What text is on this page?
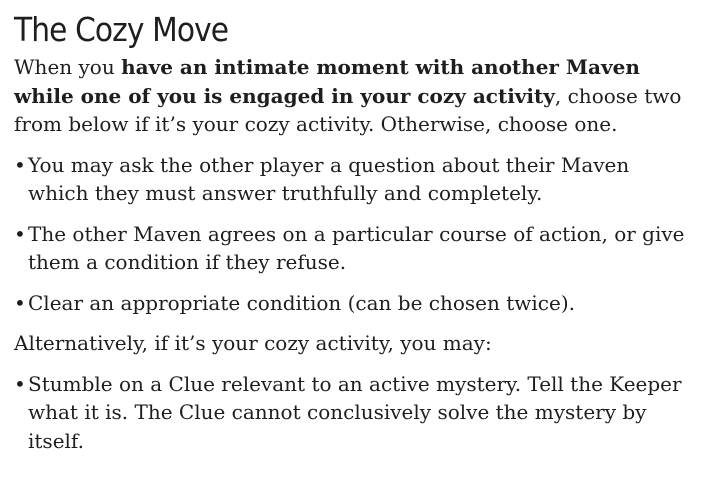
The Cozy Move

When you have an intimate moment with another Maven while one of you is engaged in your cozy activity, choose two from below if it’s your cozy activity. Otherwise, choose one.

• You may ask the other player a question about their Maven which they must answer truthfully and completely.
• The other Maven agrees on a particular course of action, or give them a condition if they refuse.
• Clear an appropriate condition (can be chosen twice).

Alternatively, if it’s your cozy activity, you may:

• Stumble on a Clue relevant to an active mystery. Tell the Keeper what it is. The Clue cannot conclusively solve the mystery by itself.
